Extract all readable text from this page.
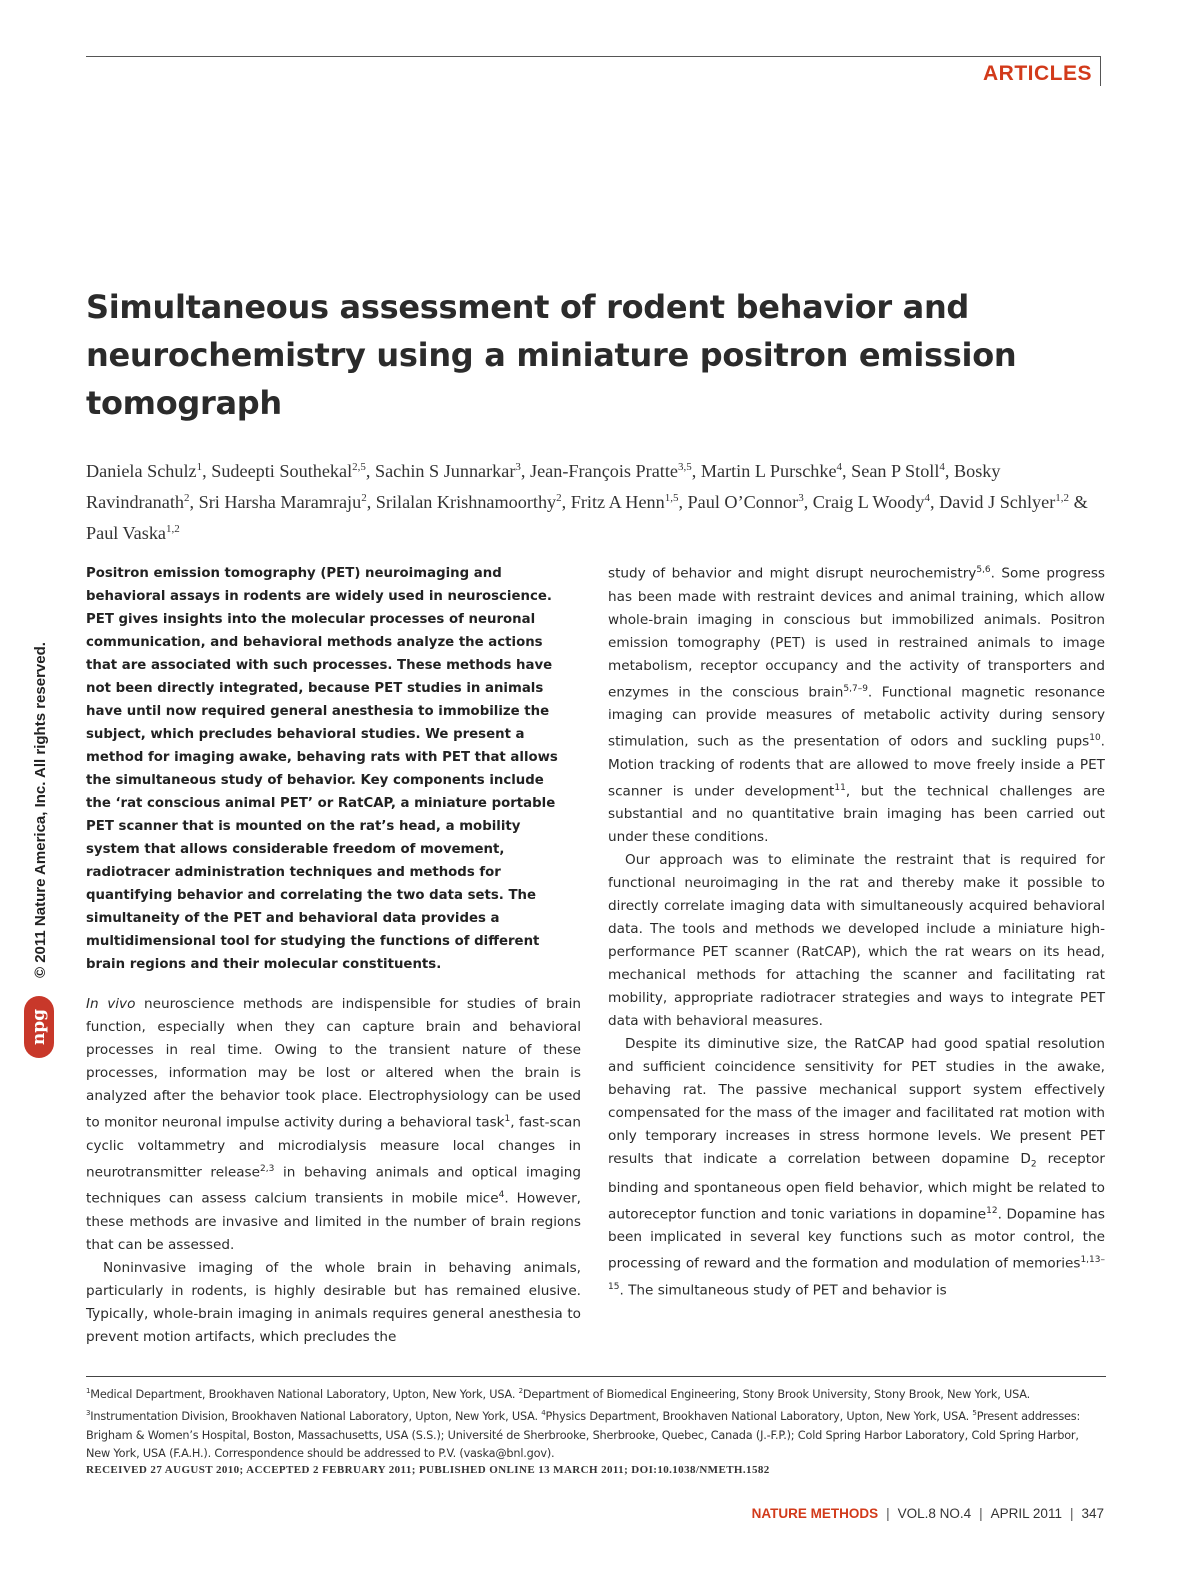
ARTICLES
Simultaneous assessment of rodent behavior and neurochemistry using a miniature positron emission tomograph

Daniela Schulz$^1$, Sudeepti Southekal$^{2,5}$, Sachin S Junnarkar$^3$, Jean-François Pratte$^{3,5}$, Martin L Purschke$^4$, Sean P Stoll$^4$, Bosky Ravindranath$^2$, Sri Harsha Maramraju$^2$, Srilalan Krishnamoorthy$^2$, Fritz A Henn$^{1,5}$, Paul O’Connor$^3$, Craig L Woody$^4$, David J Schlyer$^{1,2}$ & Paul Vaska$^{1,2}$

© 2011 Nature America, Inc. All rights reserved.
npg

Positron emission tomography (PET) neuroimaging and behavioral assays in rodents are widely used in neuroscience. PET gives insights into the molecular processes of neuronal communication, and behavioral methods analyze the actions that are associated with such processes. These methods have not been directly integrated, because PET studies in animals have until now required general anesthesia to immobilize the subject, which precludes behavioral studies. We present a method for imaging awake, behaving rats with PET that allows the simultaneous study of behavior. Key components include the ‘rat conscious animal PET’ or RatCAP, a miniature portable PET scanner that is mounted on the rat’s head, a mobility system that allows considerable freedom of movement, radiotracer administration techniques and methods for quantifying behavior and correlating the two data sets. The simultaneity of the PET and behavioral data provides a multidimensional tool for studying the functions of different brain regions and their molecular constituents.

In vivo neuroscience methods are indispensible for studies of brain function, especially when they can capture brain and behavioral processes in real time. Owing to the transient nature of these processes, information may be lost or altered when the brain is analyzed after the behavior took place. Electrophysiology can be used to monitor neuronal impulse activity during a behavioral task$^1$, fast-scan cyclic voltammetry and microdialysis measure local changes in neurotransmitter release$^{2,3}$ in behaving animals and optical imaging techniques can assess calcium transients in mobile mice$^4$. However, these methods are invasive and limited in the number of brain regions that can be assessed.

Noninvasive imaging of the whole brain in behaving animals, particularly in rodents, is highly desirable but has remained elusive. Typically, whole-brain imaging in animals requires general anesthesia to prevent motion artifacts, which precludes the

study of behavior and might disrupt neurochemistry$^{5,6}$. Some progress has been made with restraint devices and animal training, which allow whole-brain imaging in conscious but immobilized animals. Positron emission tomography (PET) is used in restrained animals to image metabolism, receptor occupancy and the activity of transporters and enzymes in the conscious brain$^{5,7-9}$. Functional magnetic resonance imaging can provide measures of metabolic activity during sensory stimulation, such as the presentation of odors and suckling pups$^{10}$. Motion tracking of rodents that are allowed to move freely inside a PET scanner is under development$^{11}$, but the technical challenges are substantial and no quantitative brain imaging has been carried out under these conditions.

Our approach was to eliminate the restraint that is required for functional neuroimaging in the rat and thereby make it possible to directly correlate imaging data with simultaneously acquired behavioral data. The tools and methods we developed include a miniature high-performance PET scanner (RatCAP), which the rat wears on its head, mechanical methods for attaching the scanner and facilitating rat mobility, appropriate radiotracer strategies and ways to integrate PET data with behavioral measures.

Despite its diminutive size, the RatCAP had good spatial resolution and sufficient coincidence sensitivity for PET studies in the awake, behaving rat. The passive mechanical support system effectively compensated for the mass of the imager and facilitated rat motion with only temporary increases in stress hormone levels. We present PET results that indicate a correlation between dopamine $D_2$ receptor binding and spontaneous open field behavior, which might be related to autoreceptor function and tonic variations in dopamine$^{12}$. Dopamine has been implicated in several key functions such as motor control, the processing of reward and the formation and modulation of memories$^{1,13-15}$. The simultaneous study of PET and behavior is

$^1$Medical Department, Brookhaven National Laboratory, Upton, New York, USA. $^2$Department of Biomedical Engineering, Stony Brook University, Stony Brook, New York, USA. $^3$Instrumentation Division, Brookhaven National Laboratory, Upton, New York, USA. $^4$Physics Department, Brookhaven National Laboratory, Upton, New York, USA. $^5$Present addresses: Brigham & Women’s Hospital, Boston, Massachusetts, USA (S.S.); Université de Sherbrooke, Sherbrooke, Quebec, Canada (J.-F.P.); Cold Spring Harbor Laboratory, Cold Spring Harbor, New York, USA (F.A.H.). Correspondence should be addressed to P.V. (vaska@bnl.gov).

RECEIVED 27 AUGUST 2010; ACCEPTED 2 FEBRUARY 2011; PUBLISHED ONLINE 13 MARCH 2011; DOI:10.1038/NMETH.1582

NATURE METHODS | VOL.8 NO.4 | APRIL 2011 | 347
